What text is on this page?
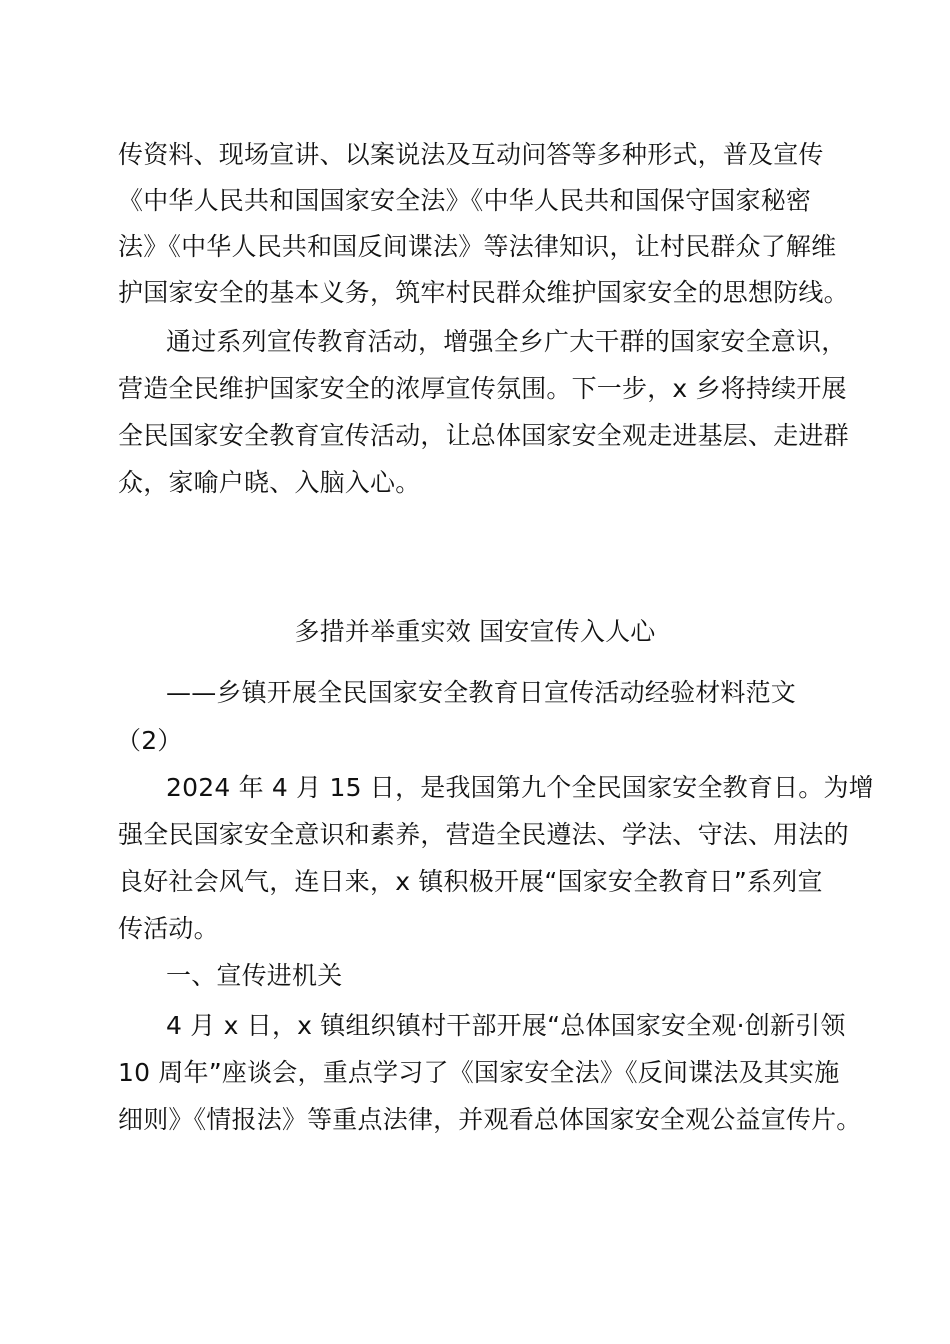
传资料、现场宣讲、以案说法及互动问答等多种形式，普及宣传
《中华人民共和国国家安全法》《中华人民共和国保守国家秘密
法》《中华人民共和国反间谍法》等法律知识，让村民群众了解维
护国家安全的基本义务，筑牢村民群众维护国家安全的思想防线。
通过系列宣传教育活动，增强全乡广大干群的国家安全意识，
营造全民维护国家安全的浓厚宣传氛围。下一步，x 乡将持续开展
全民国家安全教育宣传活动，让总体国家安全观走进基层、走进群
众，家喻户晓、入脑入心。
多措并举重实效 国安宣传入人心
——乡镇开展全民国家安全教育日宣传活动经验材料范文
（2）
2024 年 4 月 15 日，是我国第九个全民国家安全教育日。为增
强全民国家安全意识和素养，营造全民遵法、学法、守法、用法的
良好社会风气，连日来，x 镇积极开展“国家安全教育日”系列宣
传活动。
一、宣传进机关
4 月 x 日，x 镇组织镇村干部开展“总体国家安全观·创新引领
10 周年”座谈会，重点学习了《国家安全法》《反间谍法及其实施
细则》《情报法》等重点法律，并观看总体国家安全观公益宣传片。
